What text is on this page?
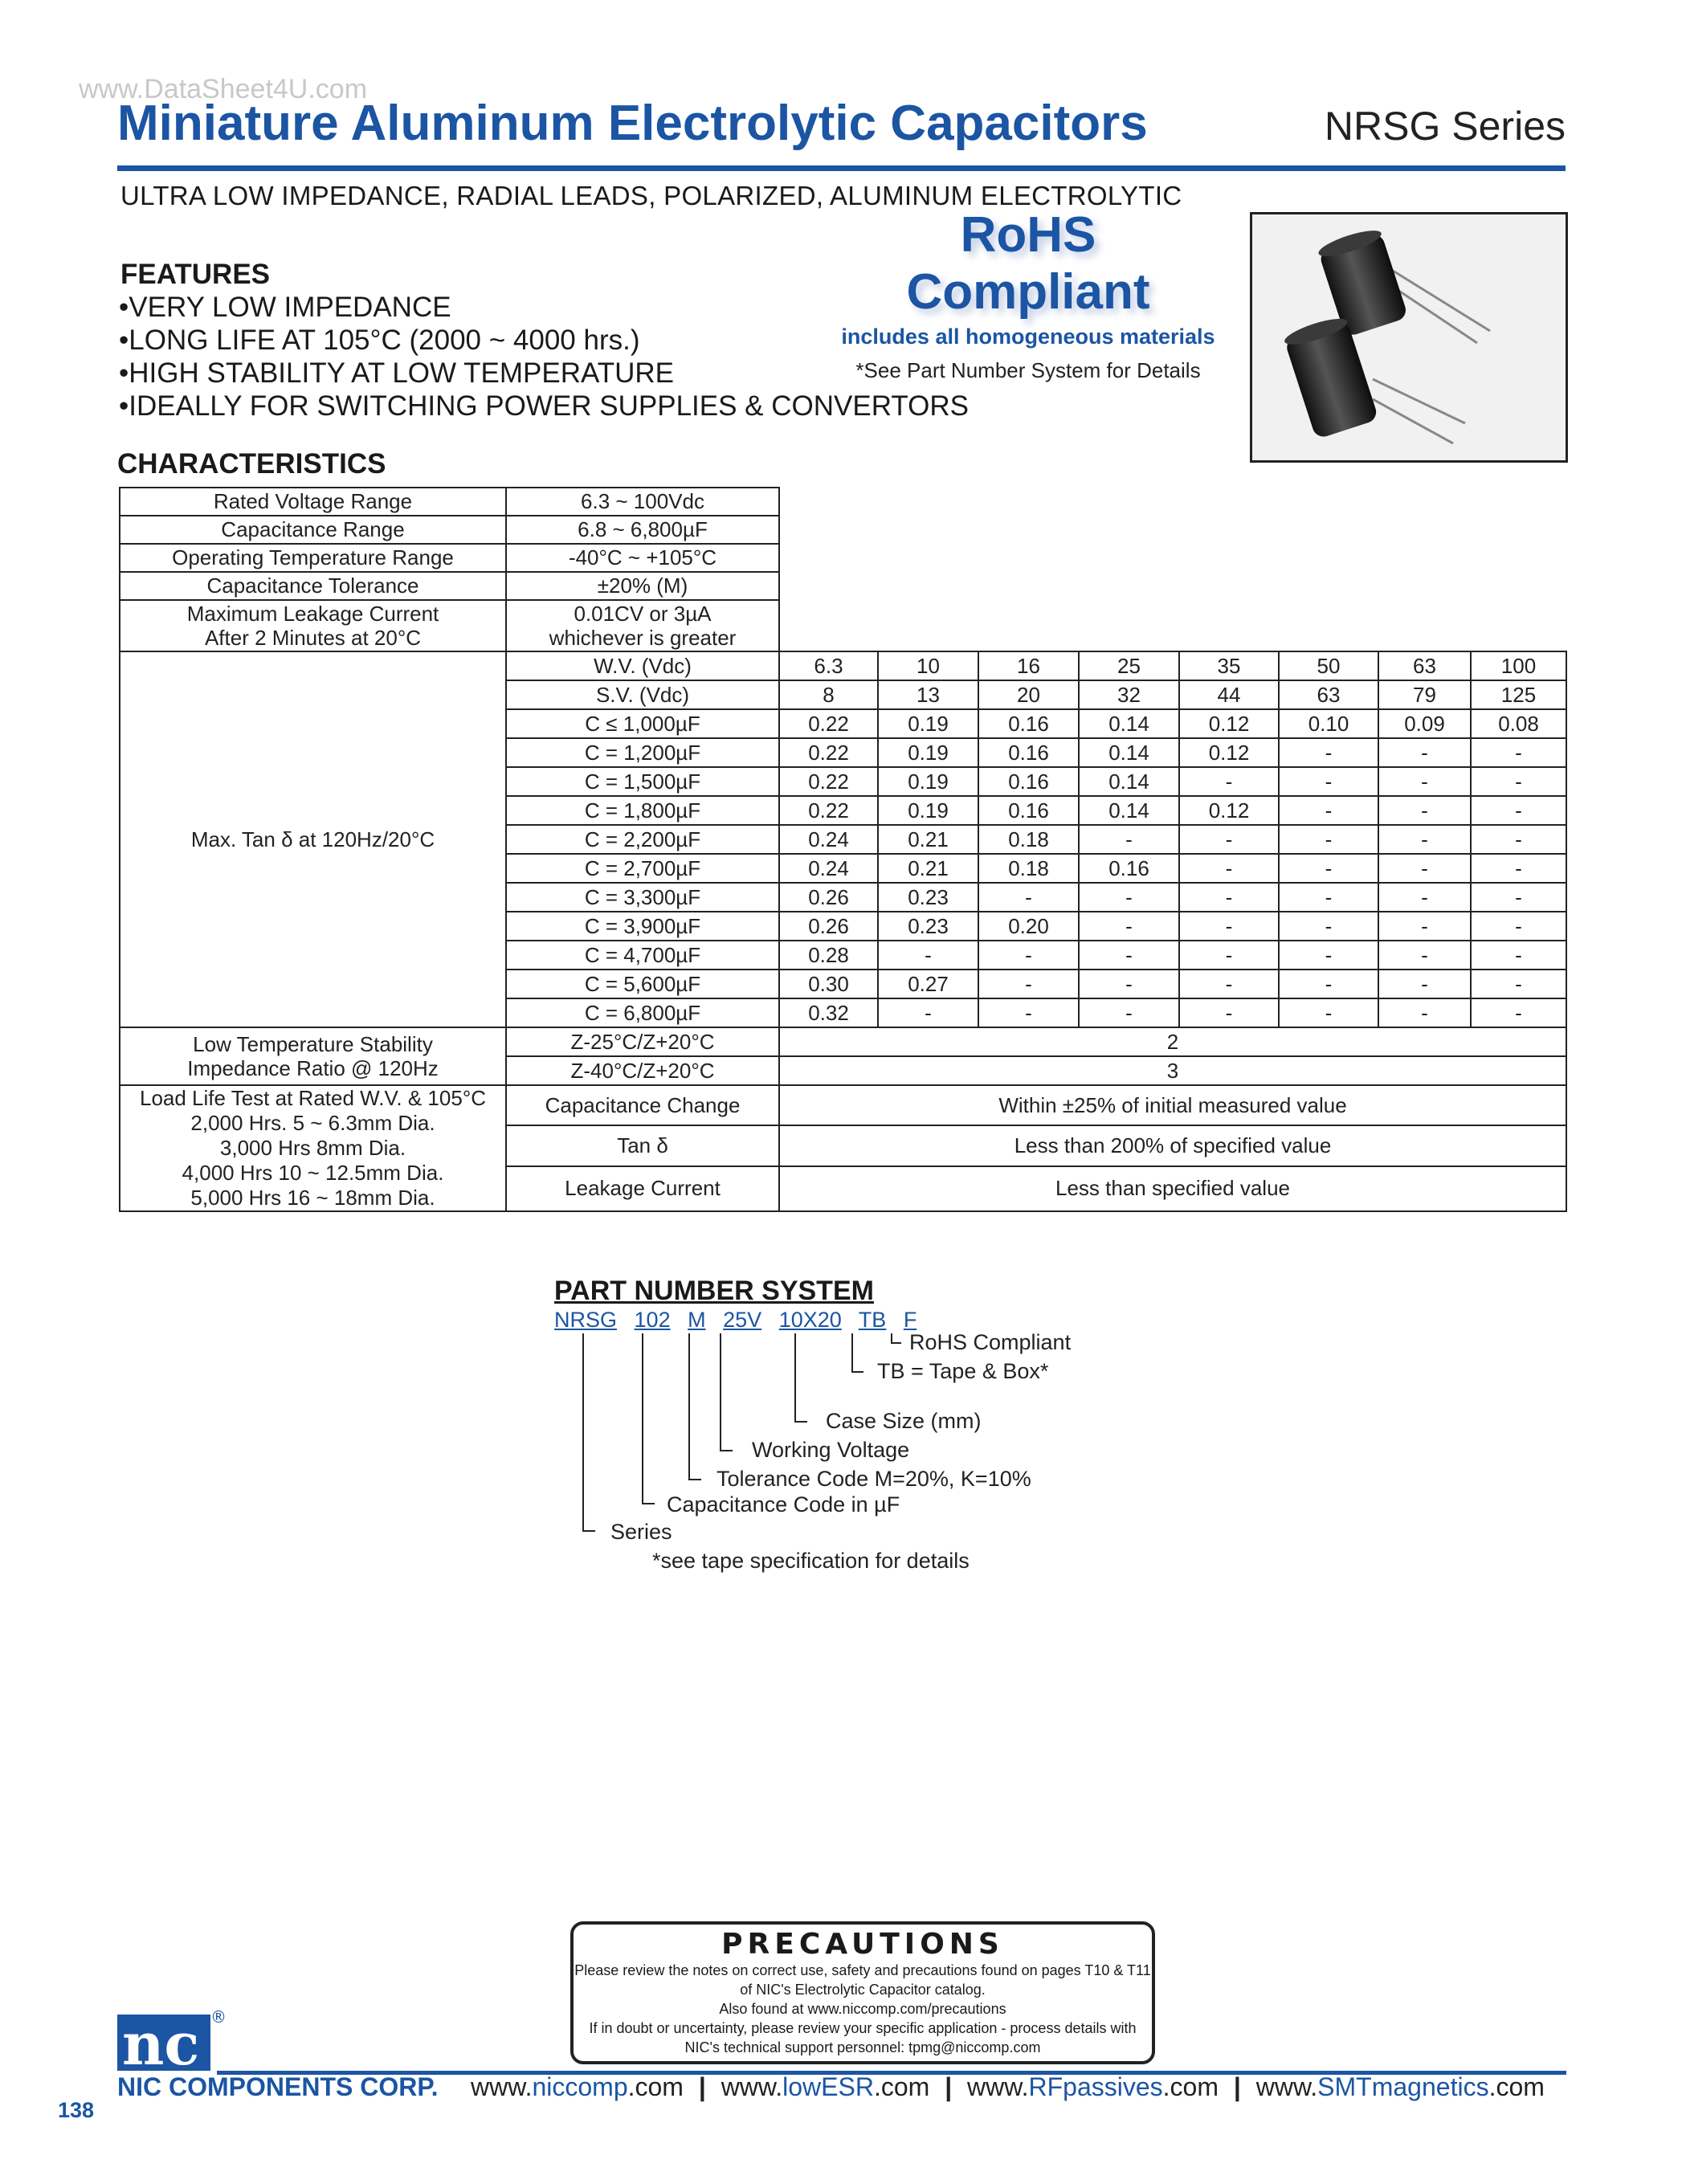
www.DataSheet4U.com
Miniature Aluminum Electrolytic Capacitors	NRSG Series
ULTRA LOW IMPEDANCE, RADIAL LEADS, POLARIZED, ALUMINUM ELECTROLYTIC
RoHS
Compliant
includes all homogeneous materials
*See Part Number System for Details
FEATURES
• VERY LOW IMPEDANCE
• LONG LIFE AT 105°C (2000 ~ 4000 hrs.)
• HIGH STABILITY AT LOW TEMPERATURE
• IDEALLY FOR SWITCHING POWER SUPPLIES & CONVERTORS
CHARACTERISTICS
Rated Voltage Range	6.3 ~ 100Vdc								
Capacitance Range	6.8 ~ 6,800µF								
Operating Temperature Range	-40°C ~ +105°C								
Capacitance Tolerance	±20% (M)								
Maximum Leakage Current
After 2 Minutes at 20°C	0.01CV or 3µA
whichever is greater								
Max. Tan δ at 120Hz/20°C	W.V. (Vdc)	6.3	10	16	25	35	50	63	100
	S.V. (Vdc)	8	13	20	32	44	63	79	125
	C ≤ 1,000µF	0.22	0.19	0.16	0.14	0.12	0.10	0.09	0.08
	C = 1,200µF	0.22	0.19	0.16	0.14	0.12	-	-	-
	C = 1,500µF	0.22	0.19	0.16	0.14	-	-	-	-
	C = 1,800µF	0.22	0.19	0.16	0.14	0.12	-	-	-
	C = 2,200µF	0.24	0.21	0.18	-	-	-	-	-
	C = 2,700µF	0.24	0.21	0.18	0.16	-	-	-	-
	C = 3,300µF	0.26	0.23	-	-	-	-	-	-
	C = 3,900µF	0.26	0.23	0.20	-	-	-	-	-
	C = 4,700µF	0.28	-	-	-	-	-	-	-
	C = 5,600µF	0.30	0.27	-	-	-	-	-	-
	C = 6,800µF	0.32	-	-	-	-	-	-	-
Low Temperature Stability
Impedance Ratio @ 120Hz	Z-25°C/Z+20°C	2							
	Z-40°C/Z+20°C	3							
Load Life Test at Rated W.V. & 105°C
2,000 Hrs. 5 ~ 6.3mm Dia.
3,000 Hrs 8mm Dia.
4,000 Hrs 10 ~ 12.5mm Dia.
5,000 Hrs 16 ~ 18mm Dia.	Capacitance Change	Within ±25% of initial measured value							
	Tan δ	Less than 200% of specified value							
	Leakage Current	Less than specified value							
PART NUMBER SYSTEM
NRSG 102 M 25V 10X20 TB F
RoHS Compliant
TB = Tape & Box*
Case Size (mm)
Working Voltage
Tolerance Code M=20%, K=10%
Capacitance Code in µF
Series
*see tape specification for details
PRECAUTIONS
Please review the notes on correct use, safety and precautions found on pages T10 & T11
of NIC's Electrolytic Capacitor catalog.
Also found at www.niccomp.com/precautions
If in doubt or uncertainty, please review your specific application - process details with
NIC's technical support personnel: tpmg@niccomp.com
nc ®
NIC COMPONENTS CORP. www.niccomp.com | www.lowESR.com | www.RFpassives.com | www.SMTmagnetics.com
138
